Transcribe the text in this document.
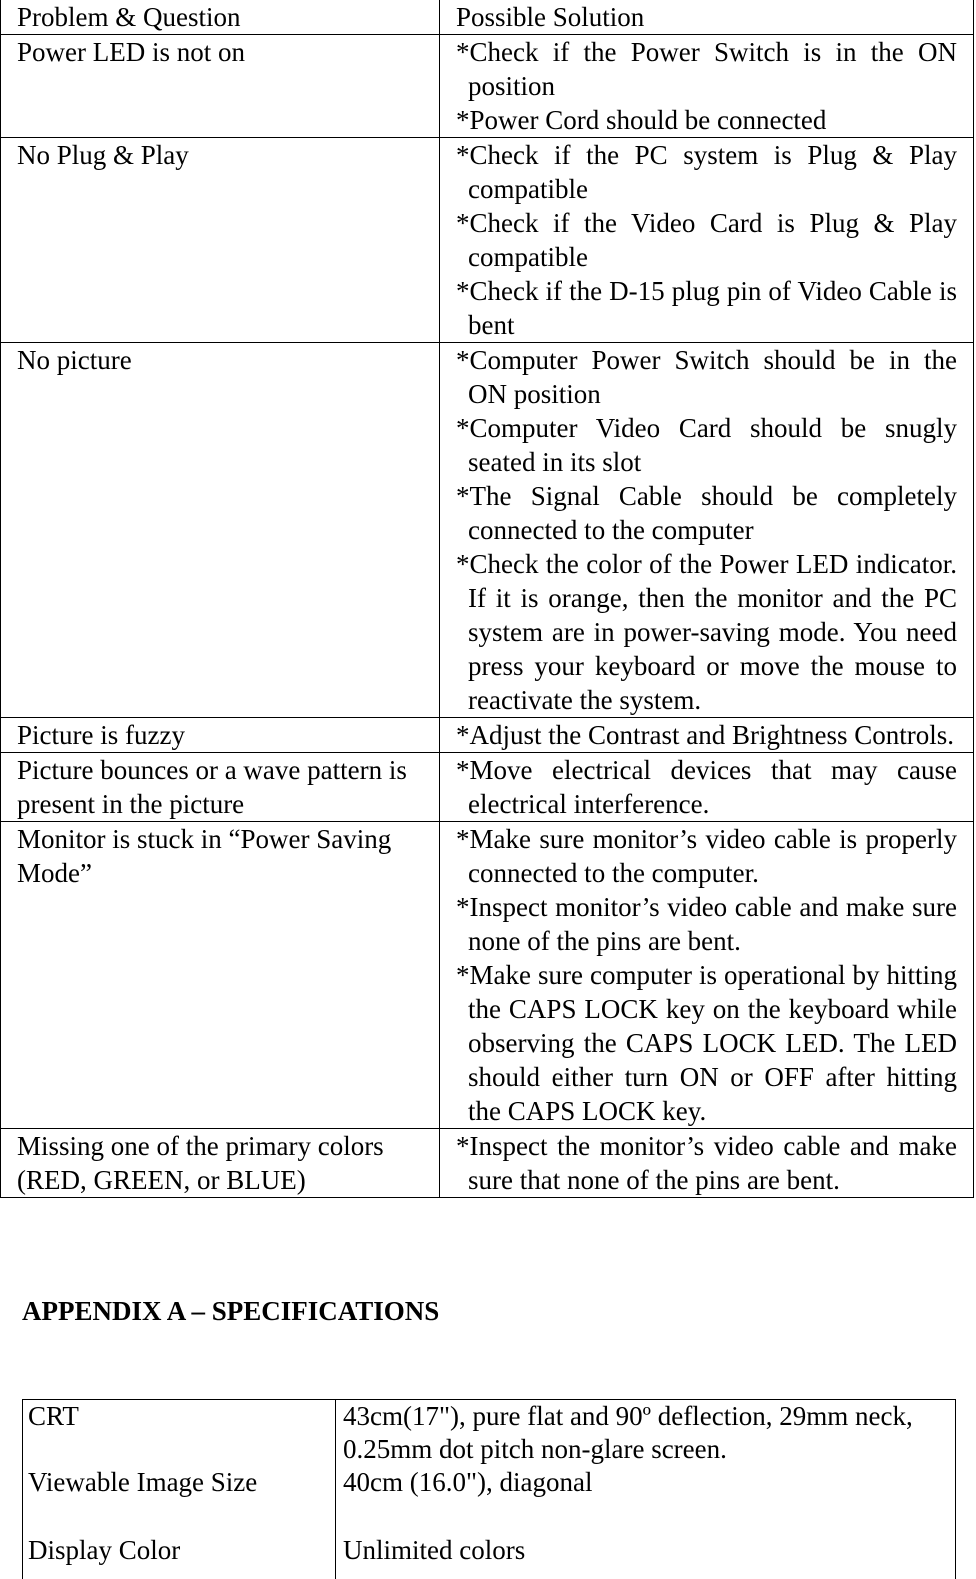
Problem & Question	Possible Solution
Power LED is not on	*Check if the Power Switch is in the ON position
*Power Cord should be connected

No Plug & Play	*Check if the PC system is Plug & Play compatible
*Check if the Video Card is Plug & Play compatible
*Check if the D-15 plug pin of Video Cable is bent

No picture	*Computer Power Switch should be in the ON position
*Computer Video Card should be snugly seated in its slot
*The Signal Cable should be completely connected to the computer
*Check the color of the Power LED indicator. If it is orange, then the monitor and the PC system are in power-saving mode. You need press your keyboard or move the mouse to reactivate the system.

Picture is fuzzy	*Adjust the Contrast and Brightness Controls.

Picture bounces or a wave pattern is present in the picture	*Move electrical devices that may cause electrical interference.

Monitor is stuck in “Power Saving Mode”	*Make sure monitor’s video cable is properly connected to the computer.
*Inspect monitor’s video cable and make sure none of the pins are bent.
*Make sure computer is operational by hitting the CAPS LOCK key on the keyboard while observing the CAPS LOCK LED. The LED should either turn ON or OFF after hitting the CAPS LOCK key.

Missing one of the primary colors (RED, GREEN, or BLUE)	*Inspect the monitor’s video cable and make sure that none of the pins are bent.
APPENDIX A – SPECIFICATIONS
CRT	43cm(17"), pure flat and 90º deflection, 29mm neck, 0.25mm dot pitch non-glare screen.
Viewable Image Size	40cm (16.0"), diagonal
Display Color	Unlimited colors
